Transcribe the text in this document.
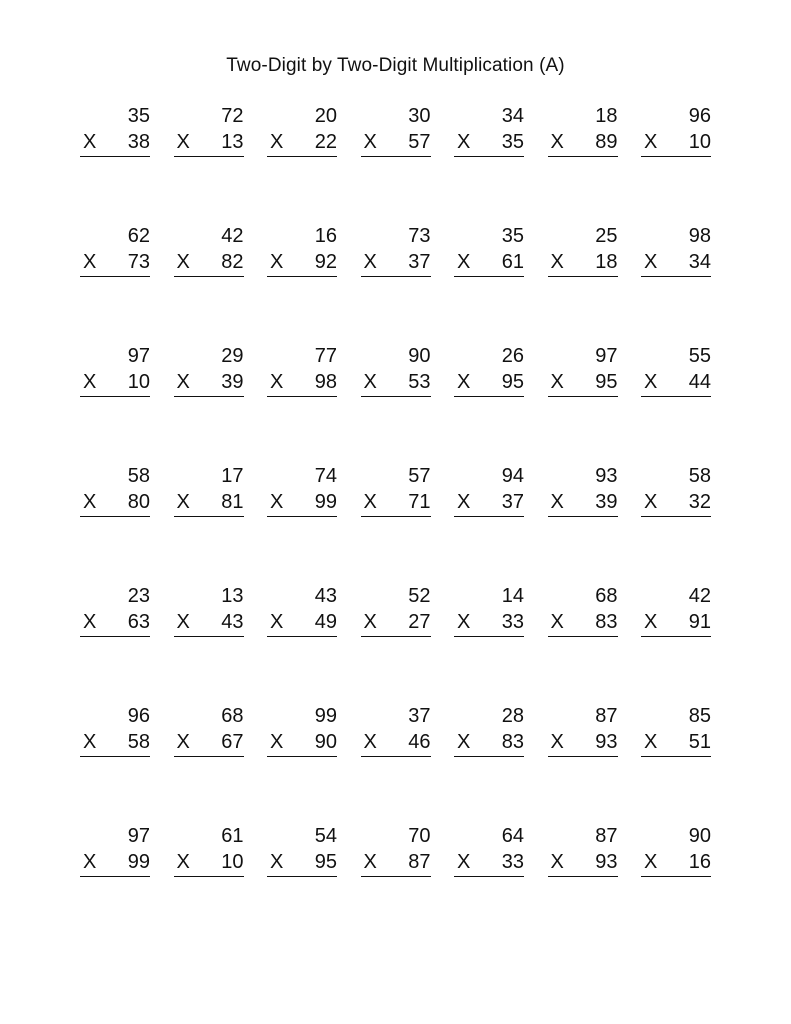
Two-Digit by Two-Digit Multiplication (A)
35
X 38
72
X 13
20
X 22
30
X 57
34
X 35
18
X 89
96
X 10
62
X 73
42
X 82
16
X 92
73
X 37
35
X 61
25
X 18
98
X 34
97
X 10
29
X 39
77
X 98
90
X 53
26
X 95
97
X 95
55
X 44
58
X 80
17
X 81
74
X 99
57
X 71
94
X 37
93
X 39
58
X 32
23
X 63
13
X 43
43
X 49
52
X 27
14
X 33
68
X 83
42
X 91
96
X 58
68
X 67
99
X 90
37
X 46
28
X 83
87
X 93
85
X 51
97
X 99
61
X 10
54
X 95
70
X 87
64
X 33
87
X 93
90
X 16
